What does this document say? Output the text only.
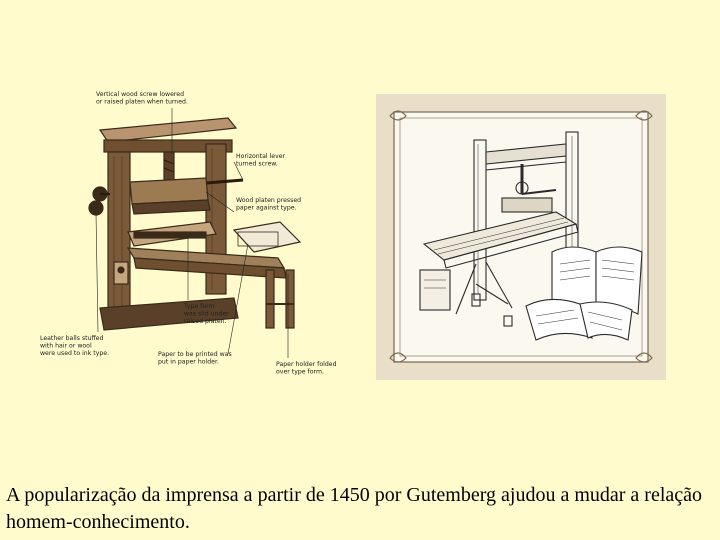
Vertical wood screw lowered or raised platen when turned.
Horizontal lever turned screw.
Wood platen pressed paper against type.
Type form was slid under raised platen.
Leather balls stuffed with hair or wool were used to ink type.	Paper to be printed was put in paper holder.	Paper holder folded over type form.
A popularização da imprensa a partir de 1450 por Gutemberg ajudou a mudar a relação homem-conhecimento.
